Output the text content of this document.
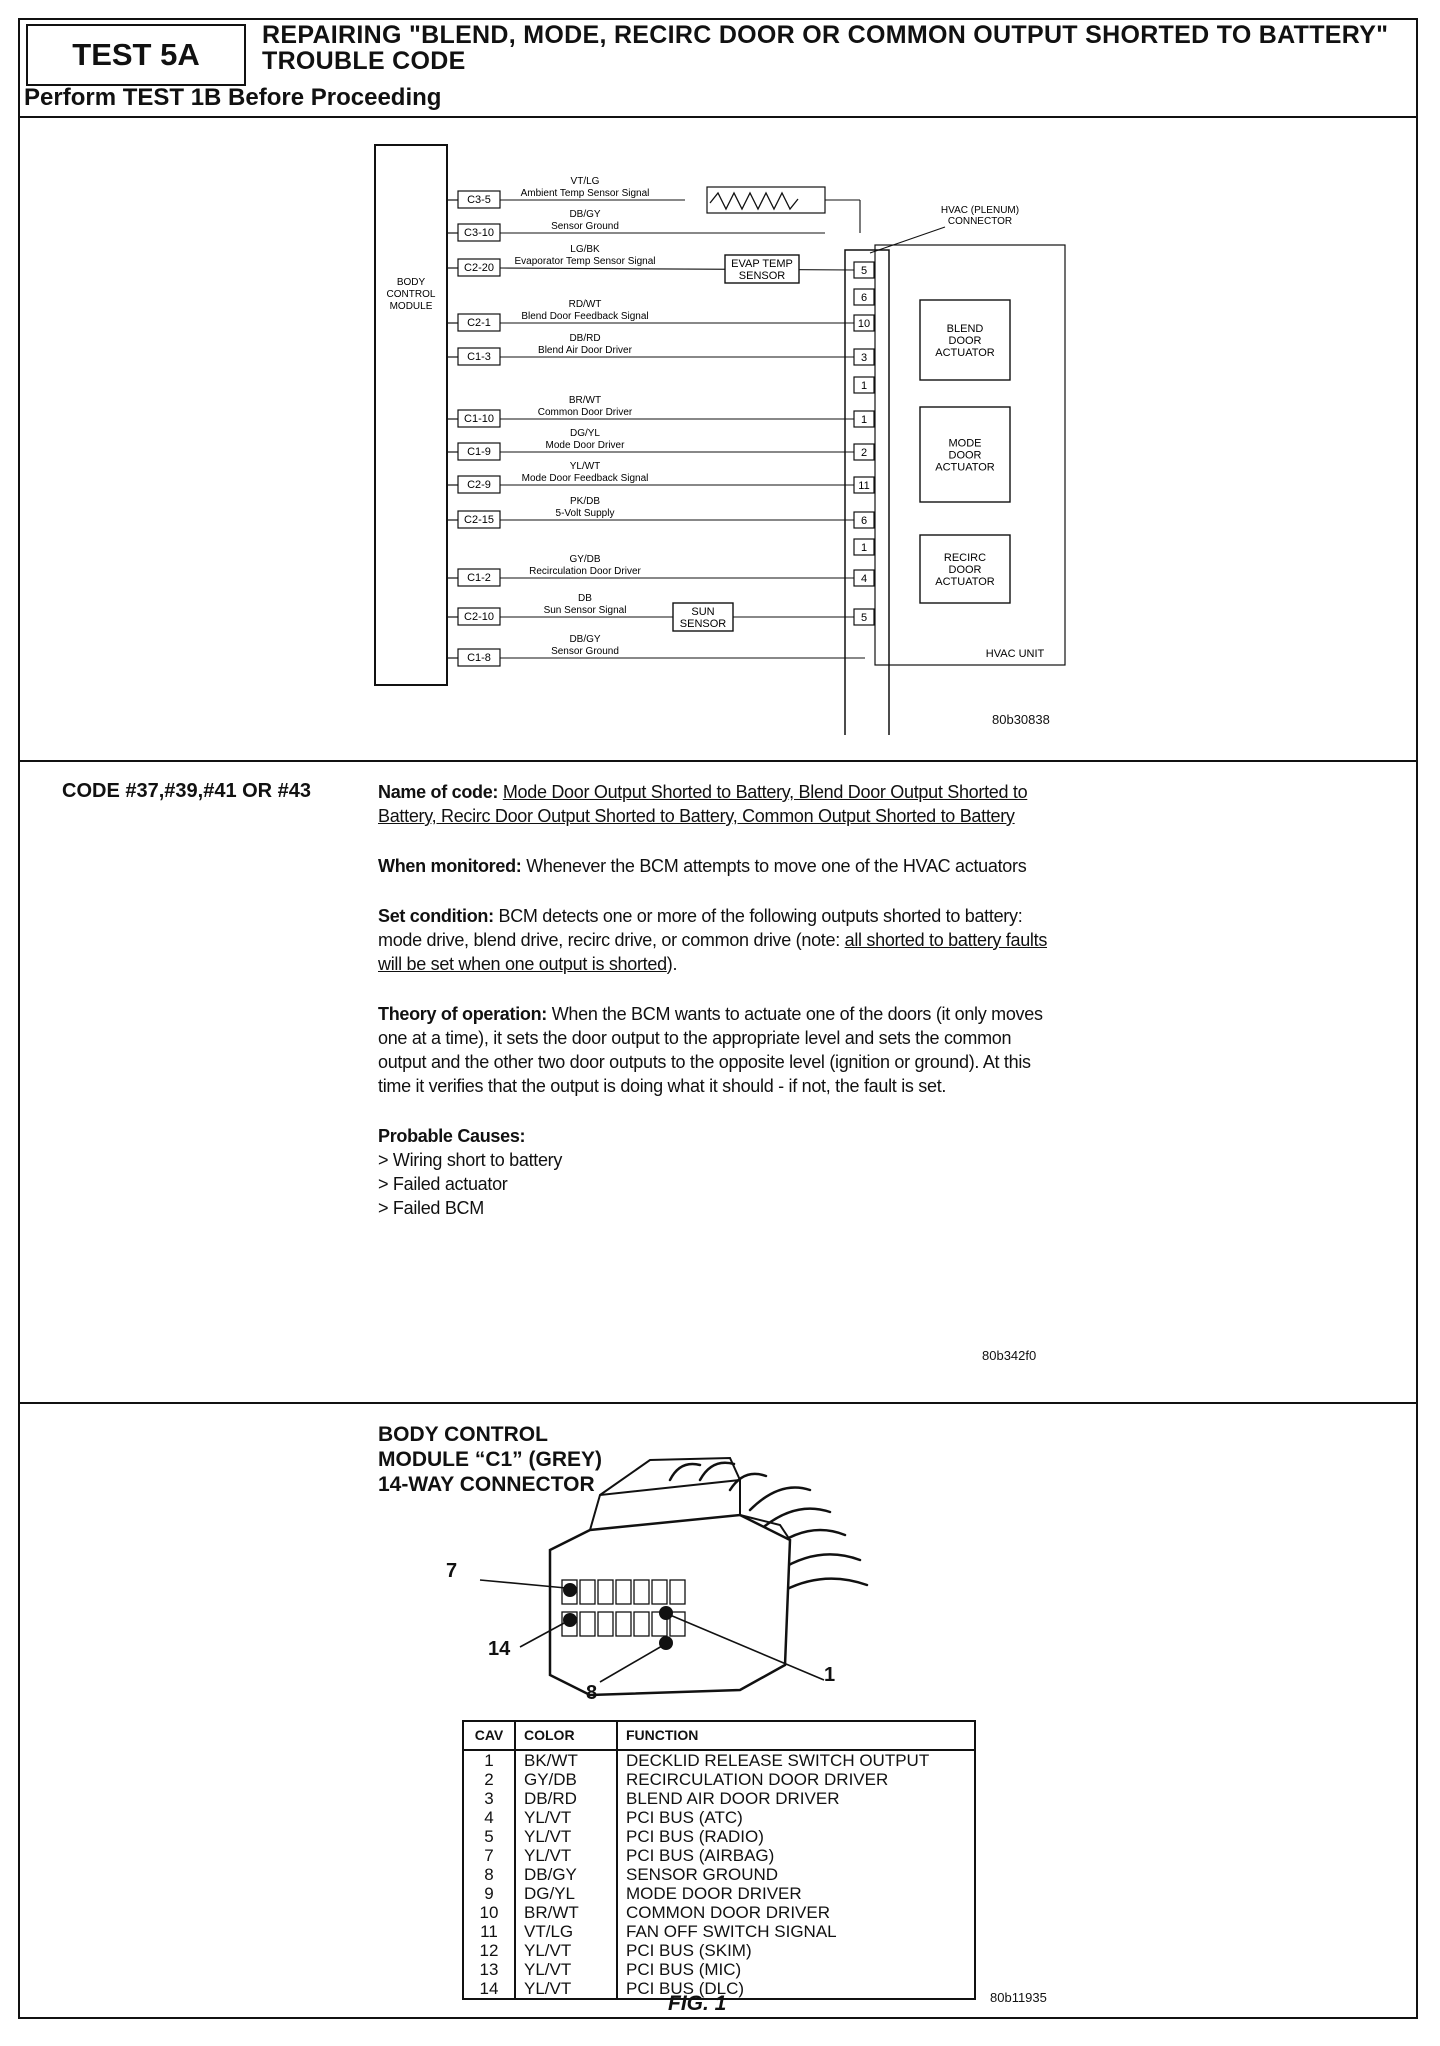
TEST 5A
REPAIRING "BLEND, MODE, RECIRC DOOR OR COMMON OUTPUT SHORTED TO BATTERY" TROUBLE CODE
Perform TEST 1B Before Proceeding
BODY
CONTROL
MODULE
C3-5
VT/LG
Ambient Temp Sensor Signal
C3-10
DB/GY
Sensor Ground
C2-20
LG/BK
Evaporator Temp Sensor Signal
5
6
C2-1
RD/WT
Blend Door Feedback Signal
10
C1-3
DB/RD
Blend Air Door Driver
3
1
C1-10
BR/WT
Common Door Driver
1
C1-9
DG/YL
Mode Door Driver
2
C2-9
YL/WT
Mode Door Feedback Signal
11
C2-15
PK/DB
5-Volt Supply
6
1
C1-2
GY/DB
Recirculation Door Driver
4
C2-10
DB
Sun Sensor Signal
5
C1-8
DB/GY
Sensor Ground
EVAP TEMP
SENSOR
SUN
SENSOR
BLEND
DOOR
ACTUATOR
MODE
DOOR
ACTUATOR
RECIRC
DOOR
ACTUATOR
HVAC (PLENUM)
CONNECTOR
HVAC UNIT
80b30838
CODE #37,#39,#41 OR #43	Name of code: Mode Door Output Shorted to Battery, Blend Door Output Shorted to Battery, Recirc Door Output Shorted to Battery, Common Output Shorted to Battery

When monitored: Whenever the BCM attempts to move one of the HVAC actuators

Set condition: BCM detects one or more of the following outputs shorted to battery: mode drive, blend drive, recirc drive, or common drive (note: all shorted to battery faults will be set when one output is shorted).

Theory of operation: When the BCM wants to actuate one of the doors (it only moves one at a time), it sets the door output to the appropriate level and sets the common output and the other two door outputs to the opposite level (ignition or ground). At this time it verifies that the output is doing what it should - if not, the fault is set.

Probable Causes:
> Wiring short to battery
> Failed actuator
> Failed BCM
80b342f0
BODY CONTROL
MODULE “C1” (GREY)
14-WAY CONNECTOR
7
14
8
1
CAV	COLOR	FUNCTION
1	BK/WT	DECKLID RELEASE SWITCH OUTPUT
2	GY/DB	RECIRCULATION DOOR DRIVER
3	DB/RD	BLEND AIR DOOR DRIVER
4	YL/VT	PCI BUS (ATC)
5	YL/VT	PCI BUS (RADIO)
7	YL/VT	PCI BUS (AIRBAG)
8	DB/GY	SENSOR GROUND
9	DG/YL	MODE DOOR DRIVER
10	BR/WT	COMMON DOOR DRIVER
11	VT/LG	FAN OFF SWITCH SIGNAL
12	YL/VT	PCI BUS (SKIM)
13	YL/VT	PCI BUS (MIC)
14	YL/VT	PCI BUS (DLC)	80b11935
FIG. 1
